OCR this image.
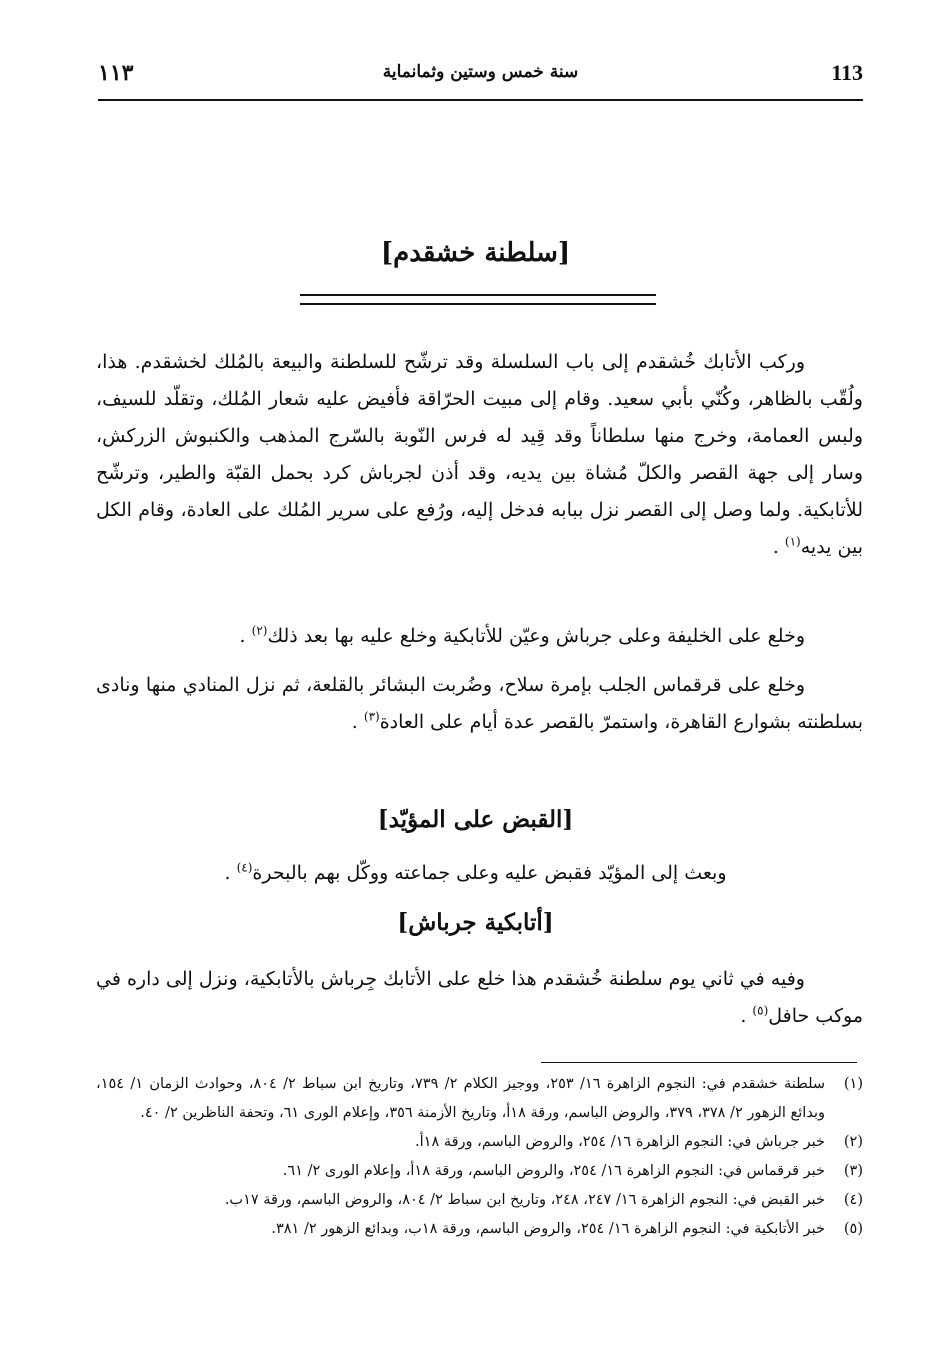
113
سنة خمس وستين وثمانماية
١١٣
[سلطنة خشقدم]

وركب الأتابك خُشقدم إلى باب السلسلة وقد ترشّح للسلطنة والبيعة بالمُلك لخشقدم. هذا، ولُقّب بالظاهر، وكُنّي بأبي سعيد. وقام إلى مبيت الحرّاقة فأفيض عليه شعار المُلك، وتقلّد للسيف، ولبس العمامة، وخرج منها سلطاناً وقد قِيد له فرس النّوبة بالسّرج المذهب والكنبوش الزركش، وسار إلى جهة القصر والكلّ مُشاة بين يديه، وقد أذن لجرباش كرد بحمل القبّة والطير، وترشّح للأتابكية. ولما وصل إلى القصر نزل ببابه فدخل إليه، ورُفع على سرير المُلك على العادة، وقام الكل بين يديه$^{(١)}$ .

وخلع على الخليفة وعلى جرباش وعيّن للأتابكية وخلع عليه بها بعد ذلك$^{(٢)}$ .

وخلع على قرقماس الجلب بإمرة سلاح، وضُربت البشائر بالقلعة، ثم نزل المنادي منها ونادى بسلطنته بشوارع القاهرة، واستمرّ بالقصر عدة أيام على العادة$^{(٣)}$ .

[القبض على المؤيّد]

وبعث إلى المؤيّد فقبض عليه وعلى جماعته ووكّل بهم بالبحرة$^{(٤)}$ .

[أتابكية جرباش]

وفيه في ثاني يوم سلطنة خُشقدم هذا خلع على الأتابك جِرباش بالأتابكية، ونزل إلى داره في موكب حافل$^{(٥)}$ .

(١)
سلطنة خشقدم في: النجوم الزاهرة ١٦/ ٢٥٣، ووجيز الكلام ٢/ ٧٣٩، وتاريخ ابن سباط ٢/ ٨٠٤، وحوادث الزمان ١/ ١٥٤، وبدائع الزهور ٢/ ٣٧٨، ٣٧٩، والروض الباسم، ورقة ١٨أ، وتاريخ الأزمنة ٣٥٦، وإعلام الورى ٦١، وتحفة الناظرين ٢/ ٤٠.
(٢)
خبر جرباش في: النجوم الزاهرة ١٦/ ٢٥٤، والروض الباسم، ورقة ١٨أ.
(٣)
خبر قرقماس في: النجوم الزاهرة ١٦/ ٢٥٤، والروض الباسم، ورقة ١٨أ، وإعلام الورى ٢/ ٦١.
(٤)
خبر القبض في: النجوم الزاهرة ١٦/ ٢٤٧، ٢٤٨، وتاريخ ابن سباط ٢/ ٨٠٤، والروض الباسم، ورقة ١٧ب.
(٥)
خبر الأتابكية في: النجوم الزاهرة ١٦/ ٢٥٤، والروض الباسم، ورقة ١٨ب، وبدائع الزهور ٢/ ٣٨١.
